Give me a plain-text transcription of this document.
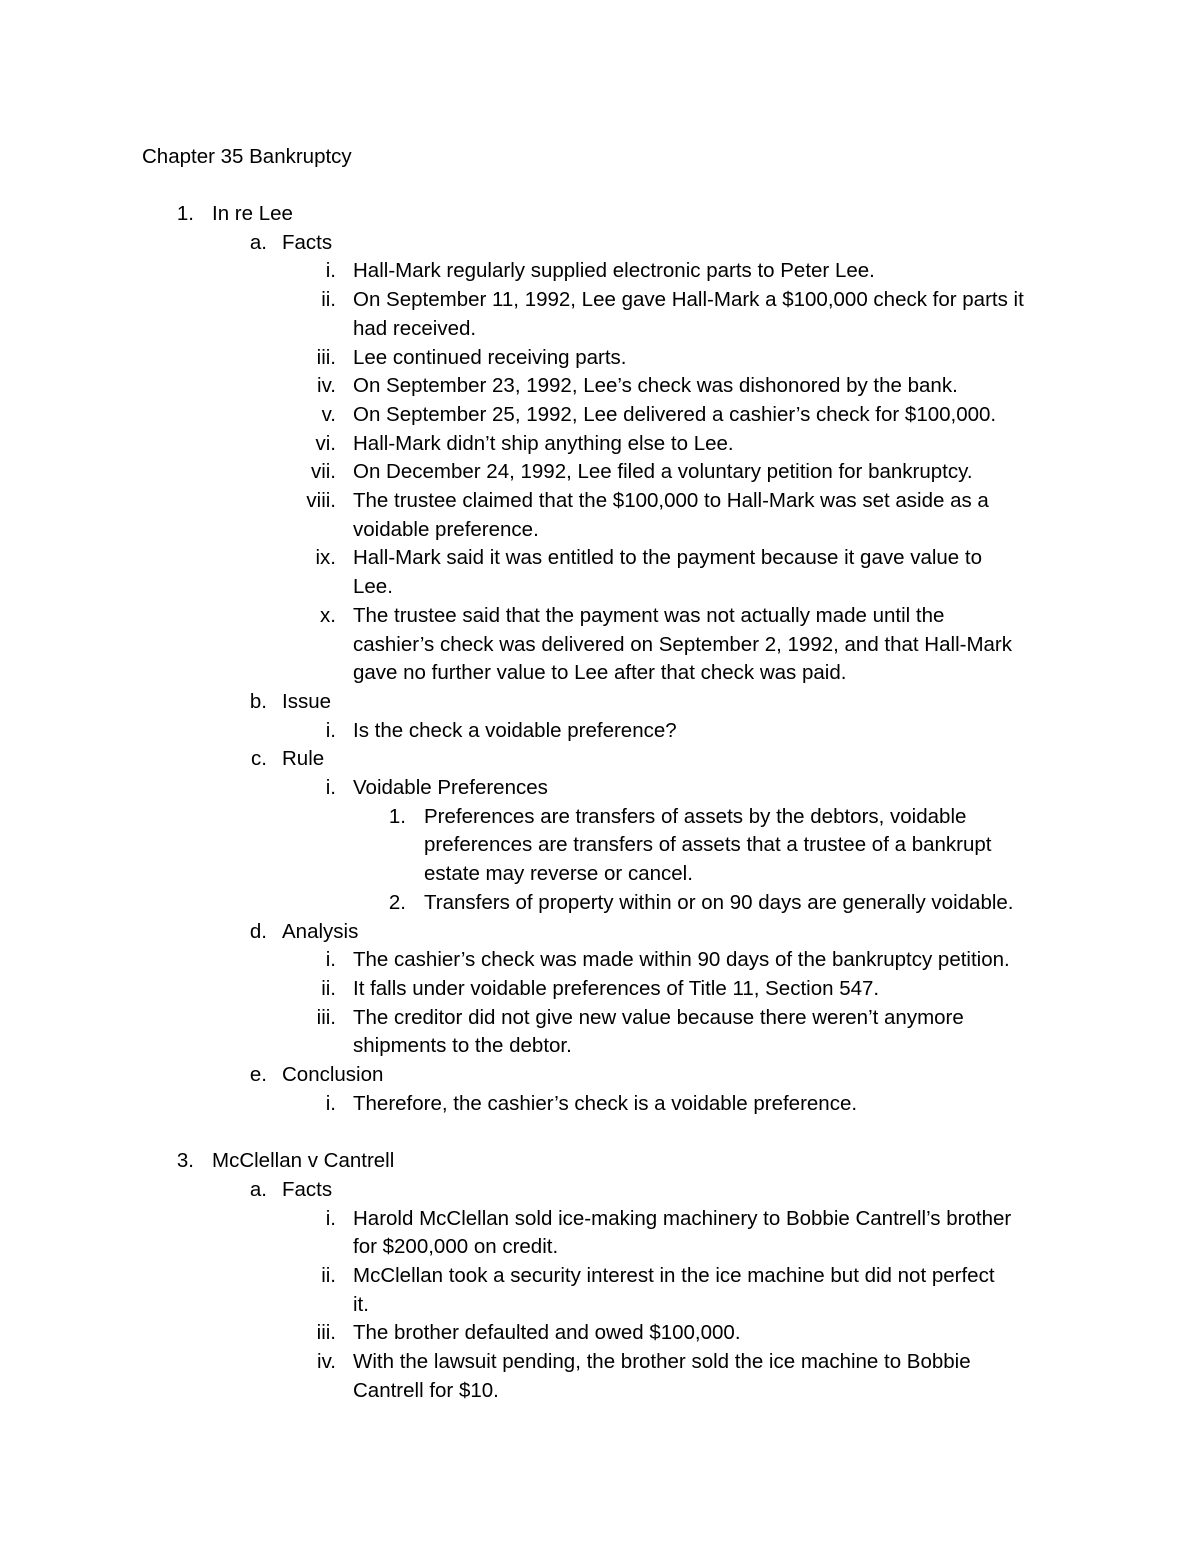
Chapter 35 Bankruptcy
1. In re Lee
a. Facts
i. Hall-Mark regularly supplied electronic parts to Peter Lee.
ii. On September 11, 1992, Lee gave Hall-Mark a $100,000 check for parts it
had received.
iii. Lee continued receiving parts.
iv. On September 23, 1992, Lee’s check was dishonored by the bank.
v. On September 25, 1992, Lee delivered a cashier’s check for $100,000.
vi. Hall-Mark didn’t ship anything else to Lee.
vii. On December 24, 1992, Lee filed a voluntary petition for bankruptcy.
viii. The trustee claimed that the $100,000 to Hall-Mark was set aside as a
voidable preference.
ix. Hall-Mark said it was entitled to the payment because it gave value to
Lee.
x. The trustee said that the payment was not actually made until the
cashier’s check was delivered on September 2, 1992, and that Hall-Mark
gave no further value to Lee after that check was paid.
b. Issue
i. Is the check a voidable preference?
c. Rule
i. Voidable Preferences
1. Preferences are transfers of assets by the debtors, voidable
preferences are transfers of assets that a trustee of a bankrupt
estate may reverse or cancel.
2. Transfers of property within or on 90 days are generally voidable.
d. Analysis
i. The cashier’s check was made within 90 days of the bankruptcy petition.
ii. It falls under voidable preferences of Title 11, Section 547.
iii. The creditor did not give new value because there weren’t anymore
shipments to the debtor.
e. Conclusion
i. Therefore, the cashier’s check is a voidable preference.
3. McClellan v Cantrell
a. Facts
i. Harold McClellan sold ice-making machinery to Bobbie Cantrell’s brother
for $200,000 on credit.
ii. McClellan took a security interest in the ice machine but did not perfect
it.
iii. The brother defaulted and owed $100,000.
iv. With the lawsuit pending, the brother sold the ice machine to Bobbie
Cantrell for $10.
